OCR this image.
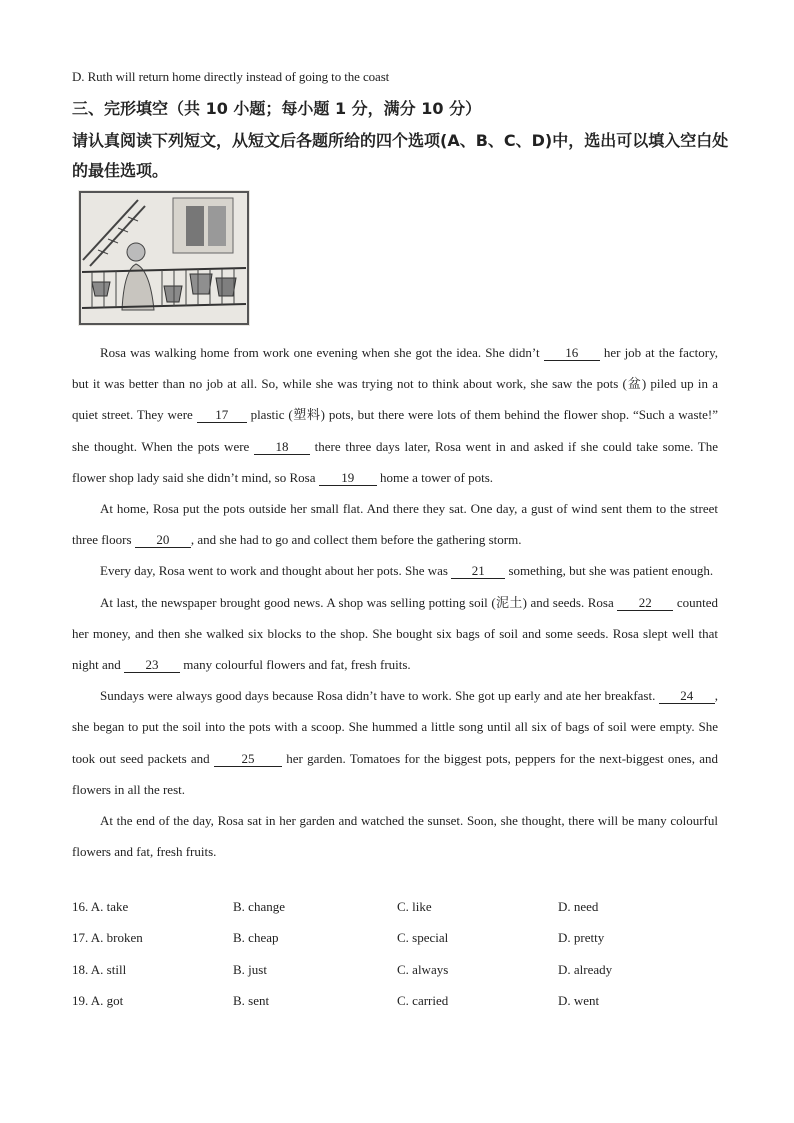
D. Ruth will return home directly instead of going to the coast
三、完形填空（共 10 小题；每小题 1 分，满分 10 分）
请认真阅读下列短文，从短文后各题所给的四个选项(A、B、C、D)中，选出可以填入空白处的最佳选项。

Rosa was walking home from work one evening when she got the idea. She didn’t 16 her job at the factory, but it was better than no job at all. So, while she was trying not to think about work, she saw the pots (盆) piled up in a quiet street. They were 17 plastic (塑料) pots, but there were lots of them behind the flower shop. “Such a waste!” she thought. When the pots were 18 there three days later, Rosa went in and asked if she could take some. The flower shop lady said she didn’t mind, so Rosa 19 home a tower of pots.

At home, Rosa put the pots outside her small flat. And there they sat. One day, a gust of wind sent them to the street three floors 20 , and she had to go and collect them before the gathering storm.

Every day, Rosa went to work and thought about her pots. She was 21 something, but she was patient enough.

At last, the newspaper brought good news. A shop was selling potting soil (泥土) and seeds. Rosa 22 counted her money, and then she walked six blocks to the shop. She bought six bags of soil and some seeds. Rosa slept well that night and 23 many colourful flowers and fat, fresh fruits.

Sundays were always good days because Rosa didn’t have to work. She got up early and ate her breakfast. 24 , she began to put the soil into the pots with a scoop. She hummed a little song until all six of bags of soil were empty. She took out seed packets and 25 her garden. Tomatoes for the biggest pots, peppers for the next-biggest ones, and flowers in all the rest.

At the end of the day, Rosa sat in her garden and watched the sunset. Soon, she thought, there will be many colourful flowers and fat, fresh fruits.

16. A. take	B. change	C. like	D. need
17. A. broken	B. cheap	C. special	D. pretty
18. A. still	B. just	C. always	D. already
19. A. got	B. sent	C. carried	D. went
